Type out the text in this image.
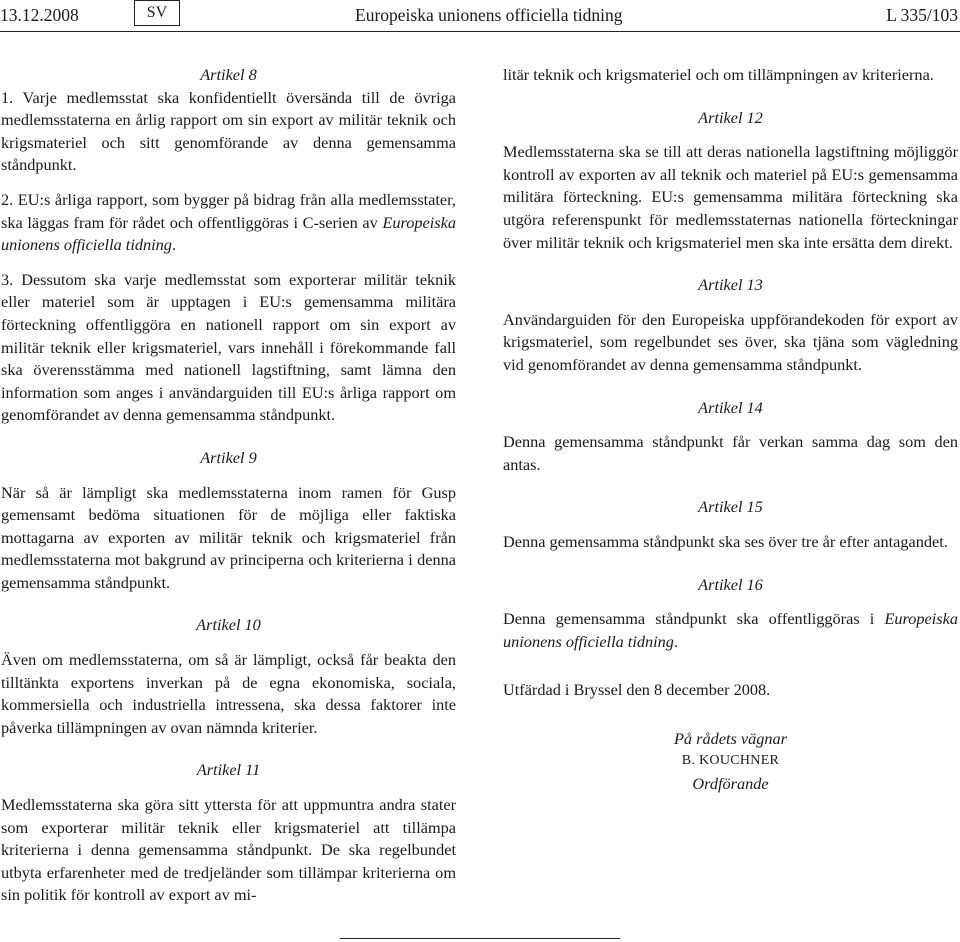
13.12.2008	SV	Europeiska unionens officiella tidning	L 335/103
Artikel 8

1. Varje medlemsstat ska konfidentiellt översända till de övriga medlemsstaterna en årlig rapport om sin export av militär teknik och krigsmateriel och sitt genomförande av denna gemensamma ståndpunkt.

2. EU:s årliga rapport, som bygger på bidrag från alla medlemsstater, ska läggas fram för rådet och offentliggöras i C-serien av Europeiska unionens officiella tidning.

3. Dessutom ska varje medlemsstat som exporterar militär teknik eller materiel som är upptagen i EU:s gemensamma militära förteckning offentliggöra en nationell rapport om sin export av militär teknik eller krigsmateriel, vars innehåll i förekommande fall ska överensstämma med nationell lagstiftning, samt lämna den information som anges i användarguiden till EU:s årliga rapport om genomförandet av denna gemensamma ståndpunkt.

Artikel 9

När så är lämpligt ska medlemsstaterna inom ramen för Gusp gemensamt bedöma situationen för de möjliga eller faktiska mottagarna av exporten av militär teknik och krigsmateriel från medlemsstaterna mot bakgrund av principerna och kriterierna i denna gemensamma ståndpunkt.

Artikel 10

Även om medlemsstaterna, om så är lämpligt, också får beakta den tilltänkta exportens inverkan på de egna ekonomiska, sociala, kommersiella och industriella intressena, ska dessa faktorer inte påverka tillämpningen av ovan nämnda kriterier.

Artikel 11

Medlemsstaterna ska göra sitt yttersta för att uppmuntra andra stater som exporterar militär teknik eller krigsmateriel att tillämpa kriterierna i denna gemensamma ståndpunkt. De ska regelbundet utbyta erfarenheter med de tredjeländer som tillämpar kriterierna om sin politik för kontroll av export av mi-

litär teknik och krigsmateriel och om tillämpningen av kriterierna.

Artikel 12

Medlemsstaterna ska se till att deras nationella lagstiftning möjliggör kontroll av exporten av all teknik och materiel på EU:s gemensamma militära förteckning. EU:s gemensamma militära förteckning ska utgöra referenspunkt för medlemsstaternas nationella förteckningar över militär teknik och krigsmateriel men ska inte ersätta dem direkt.

Artikel 13

Användarguiden för den Europeiska uppförandekoden för export av krigsmateriel, som regelbundet ses över, ska tjäna som vägledning vid genomförandet av denna gemensamma ståndpunkt.

Artikel 14

Denna gemensamma ståndpunkt får verkan samma dag som den antas.

Artikel 15

Denna gemensamma ståndpunkt ska ses över tre år efter antagandet.

Artikel 16

Denna gemensamma ståndpunkt ska offentliggöras i Europeiska unionens officiella tidning.

Utfärdad i Bryssel den 8 december 2008.

På rådets vägnar
B. KOUCHNER
Ordförande
